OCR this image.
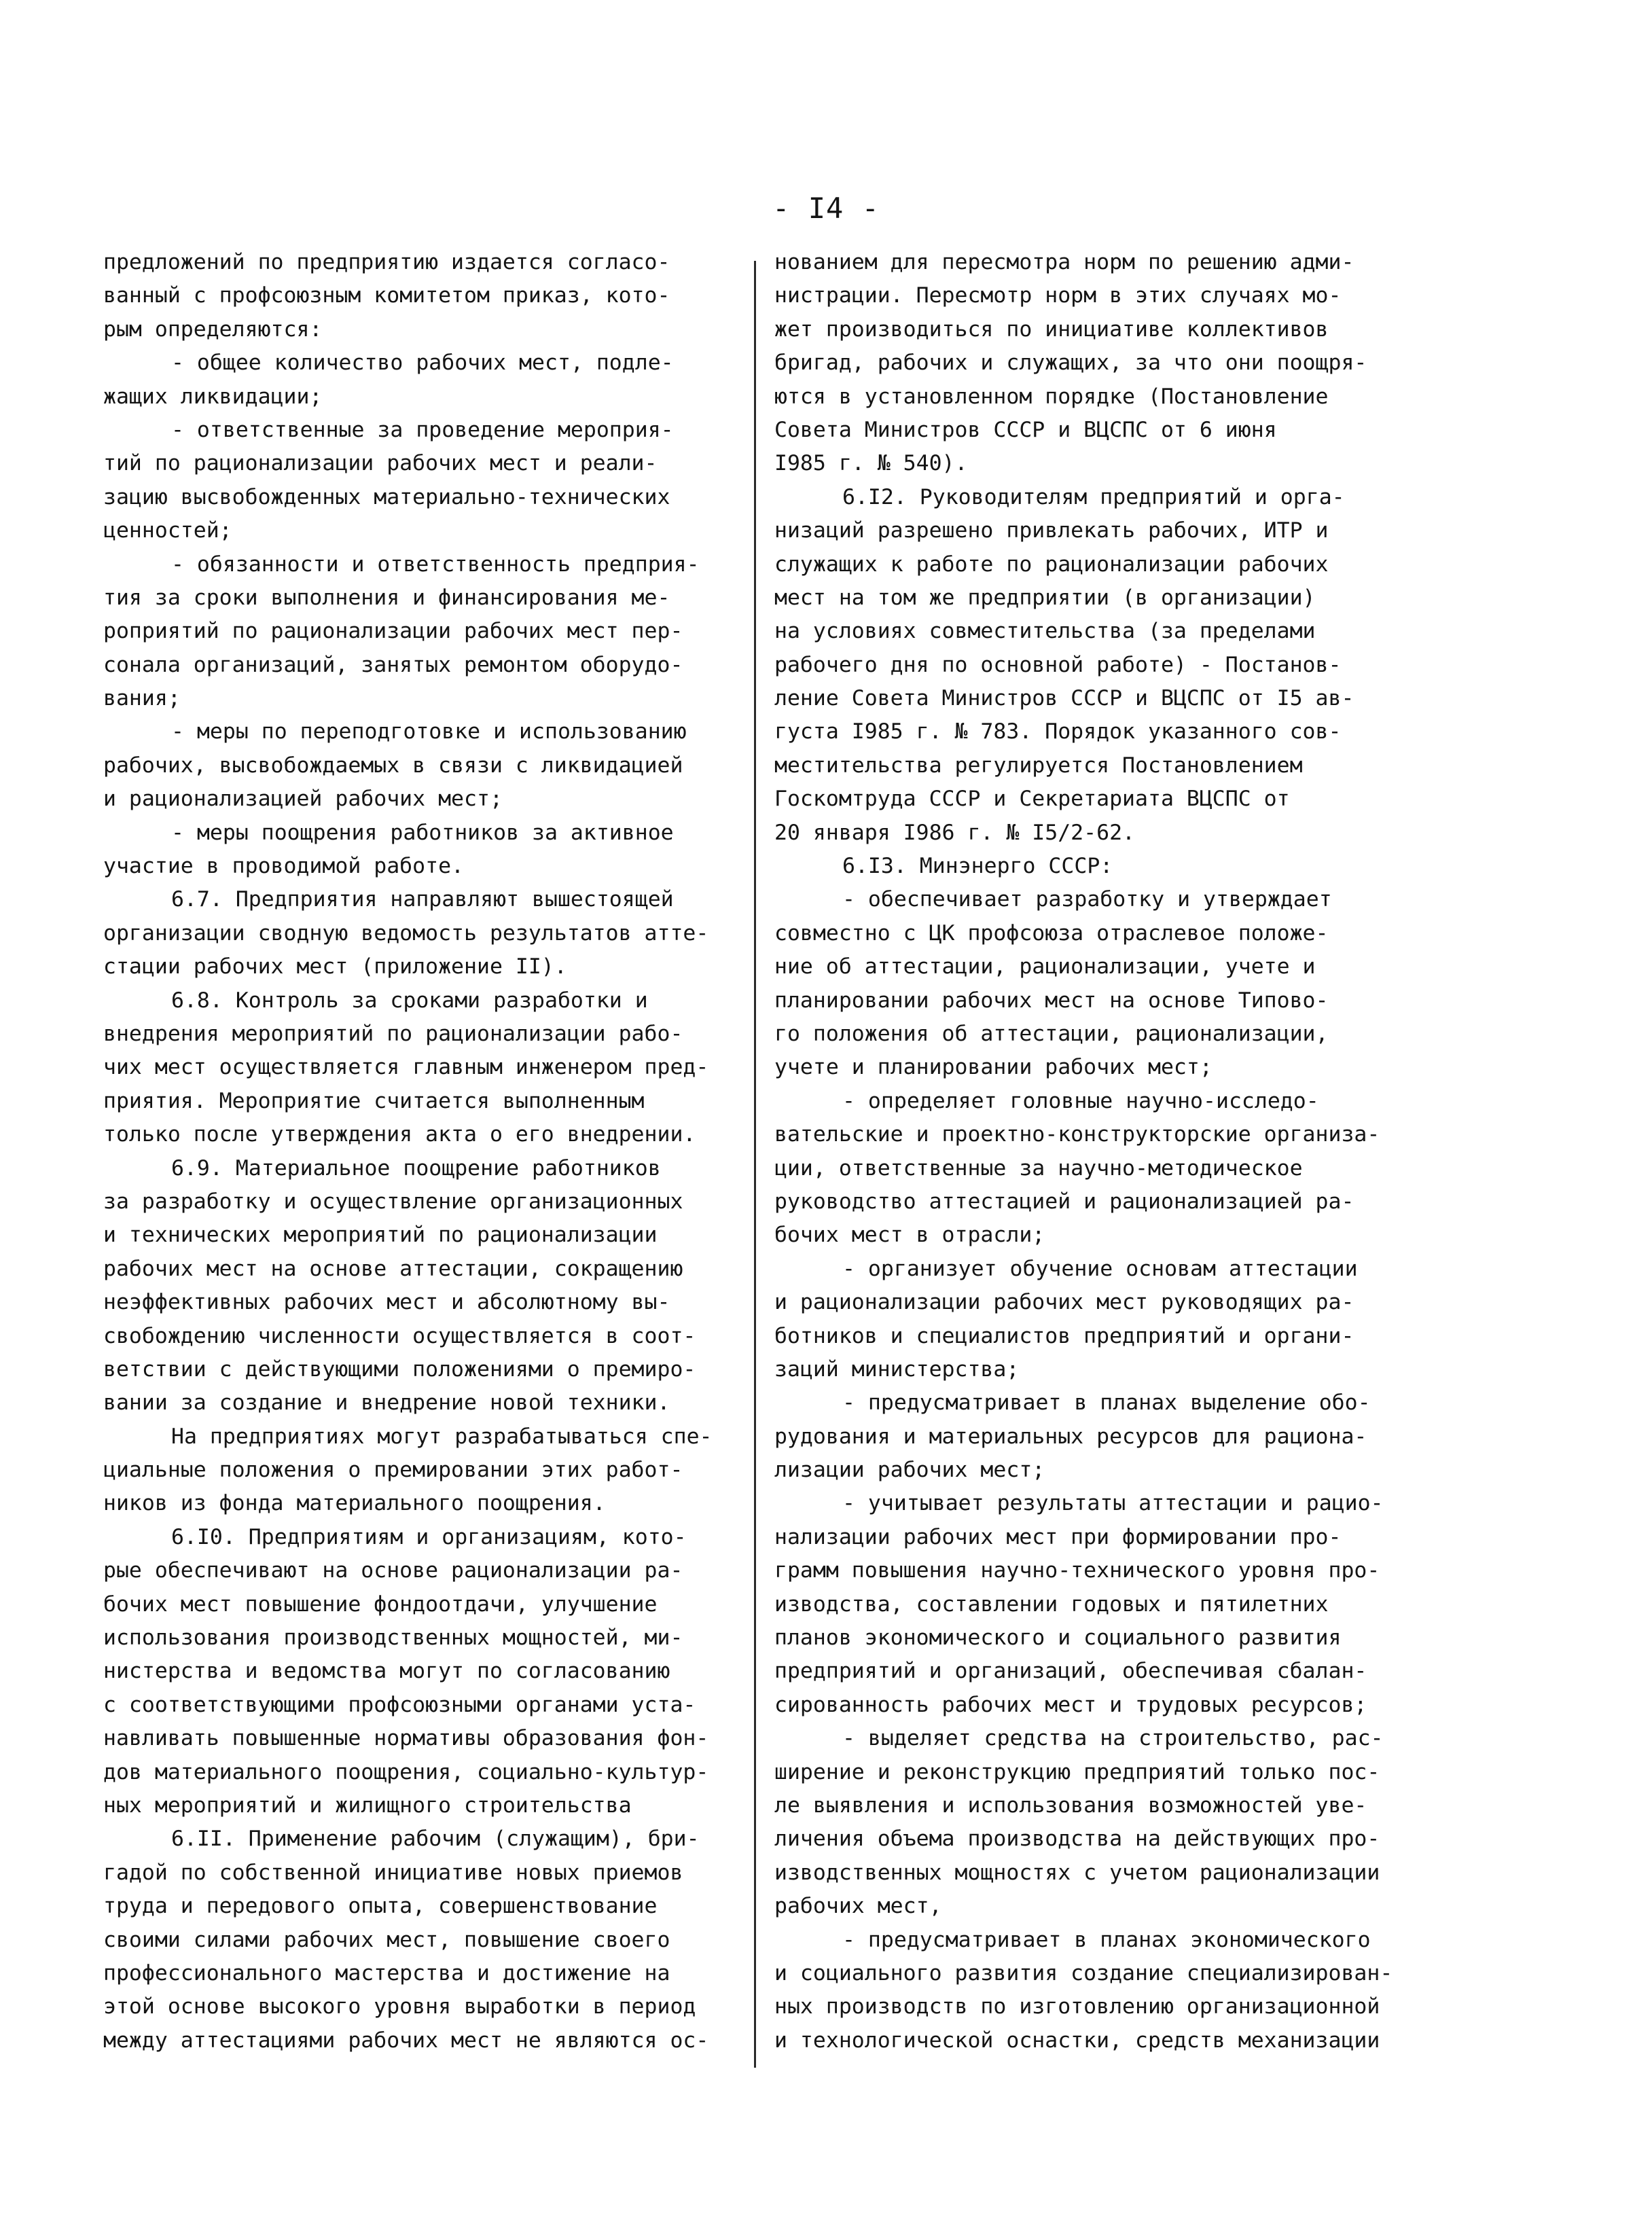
- I4 -
предложений по предприятию издается согласо-
ванный с профсоюзным комитетом приказ, кото-
рым определяются:
- общее количество рабочих мест, подле-
жащих ликвидации;
- ответственные за проведение мероприя-
тий по рационализации рабочих мест и реали-
зацию высвобожденных материально-технических
ценностей;
- обязанности и ответственность предприя-
тия за сроки выполнения и финансирования ме-
роприятий по рационализации рабочих мест пер-
сонала организаций, занятых ремонтом оборудо-
вания;
- меры по переподготовке и использованию
рабочих, высвобождаемых в связи с ликвидацией
и рационализацией рабочих мест;
- меры поощрения работников за активное
участие в проводимой работе.
6.7. Предприятия направляют вышестоящей
организации сводную ведомость результатов атте-
стации рабочих мест (приложение II).
6.8. Контроль за сроками разработки и
внедрения мероприятий по рационализации рабо-
чих мест осуществляется главным инженером пред-
приятия. Мероприятие считается выполненным
только после утверждения акта о его внедрении.
6.9. Материальное поощрение работников
за разработку и осуществление организационных
и технических мероприятий по рационализации
рабочих мест на основе аттестации, сокращению
неэффективных рабочих мест и абсолютному вы-
свобождению численности осуществляется в соот-
ветствии с действующими положениями о премиро-
вании за создание и внедрение новой техники.
На предприятиях могут разрабатываться спе-
циальные положения о премировании этих работ-
ников из фонда материального поощрения.
6.I0. Предприятиям и организациям, кото-
рые обеспечивают на основе рационализации ра-
бочих мест повышение фондоотдачи, улучшение
использования производственных мощностей, ми-
нистерства и ведомства могут по согласованию
с соответствующими профсоюзными органами уста-
навливать повышенные нормативы образования фон-
дов материального поощрения, социально-культур-
ных мероприятий и жилищного строительства
6.II. Применение рабочим (служащим), бри-
гадой по собственной инициативе новых приемов
труда и передового опыта, совершенствование
своими силами рабочих мест, повышение своего
профессионального мастерства и достижение на
этой основе высокого уровня выработки в период
между аттестациями рабочих мест не являются ос-
нованием для пересмотра норм по решению адми-
нистрации. Пересмотр норм в этих случаях мо-
жет производиться по инициативе коллективов
бригад, рабочих и служащих, за что они поощря-
ются в установленном порядке (Постановление
Совета Министров СССР и ВЦСПС от 6 июня
I985 г. № 540).
6.I2. Руководителям предприятий и орга-
низаций разрешено привлекать рабочих, ИТР и
служащих к работе по рационализации рабочих
мест на том же предприятии (в организации)
на условиях совместительства (за пределами
рабочего дня по основной работе) - Постанов-
ление Совета Министров СССР и ВЦСПС от I5 ав-
густа I985 г. № 783. Порядок указанного сов-
местительства регулируется Постановлением
Госкомтруда СССР и Секретариата ВЦСПС от
20 января I986 г. № I5/2-62.
6.I3. Минэнерго СССР:
- обеспечивает разработку и утверждает
совместно с ЦК профсоюза отраслевое положе-
ние об аттестации, рационализации, учете и
планировании рабочих мест на основе Типово-
го положения об аттестации, рационализации,
учете и планировании рабочих мест;
- определяет головные научно-исследо-
вательские и проектно-конструкторские организа-
ции, ответственные за научно-методическое
руководство аттестацией и рационализацией ра-
бочих мест в отрасли;
- организует обучение основам аттестации
и рационализации рабочих мест руководящих ра-
ботников и специалистов предприятий и органи-
заций министерства;
- предусматривает в планах выделение обо-
рудования и материальных ресурсов для рациона-
лизации рабочих мест;
- учитывает результаты аттестации и рацио-
нализации рабочих мест при формировании про-
грамм повышения научно-технического уровня про-
изводства, составлении годовых и пятилетних
планов экономического и социального развития
предприятий и организаций, обеспечивая сбалан-
сированность рабочих мест и трудовых ресурсов;
- выделяет средства на строительство, рас-
ширение и реконструкцию предприятий только пос-
ле выявления и использования возможностей уве-
личения объема производства на действующих про-
изводственных мощностях с учетом рационализации
рабочих мест,
- предусматривает в планах экономического
и социального развития создание специализирован-
ных производств по изготовлению организационной
и технологической оснастки, средств механизации
